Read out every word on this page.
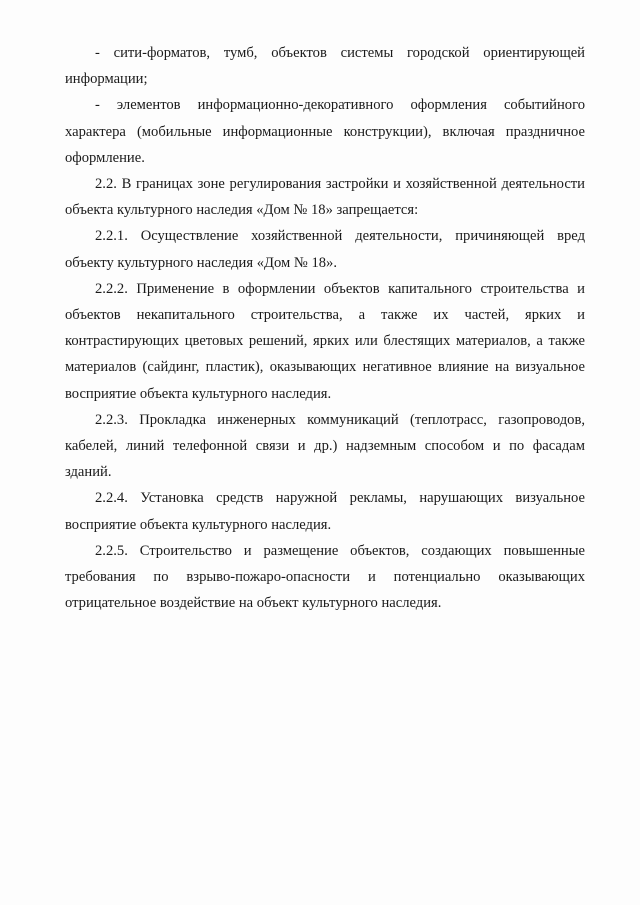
- сити-форматов, тумб, объектов системы городской ориентирующей информации;

- элементов информационно-декоративного оформления событийного характера (мобильные информационные конструкции), включая праздничное оформление.

2.2. В границах зоне регулирования застройки и хозяйственной деятельности объекта культурного наследия «Дом № 18» запрещается:

2.2.1. Осуществление хозяйственной деятельности, причиняющей вред объекту культурного наследия «Дом № 18».

2.2.2. Применение в оформлении объектов капитального строительства и объектов некапитального строительства, а также их частей, ярких и контрастирующих цветовых решений, ярких или блестящих материалов, а также материалов (сайдинг, пластик), оказывающих негативное влияние на визуальное восприятие объекта культурного наследия.

2.2.3. Прокладка инженерных коммуникаций (теплотрасс, газопроводов, кабелей, линий телефонной связи и др.) надземным способом и по фасадам зданий.

2.2.4. Установка средств наружной рекламы, нарушающих визуальное восприятие объекта культурного наследия.

2.2.5. Строительство и размещение объектов, создающих повышенные требования по взрыво-пожаро-опасности и потенциально оказывающих отрицательное воздействие на объект культурного наследия.
